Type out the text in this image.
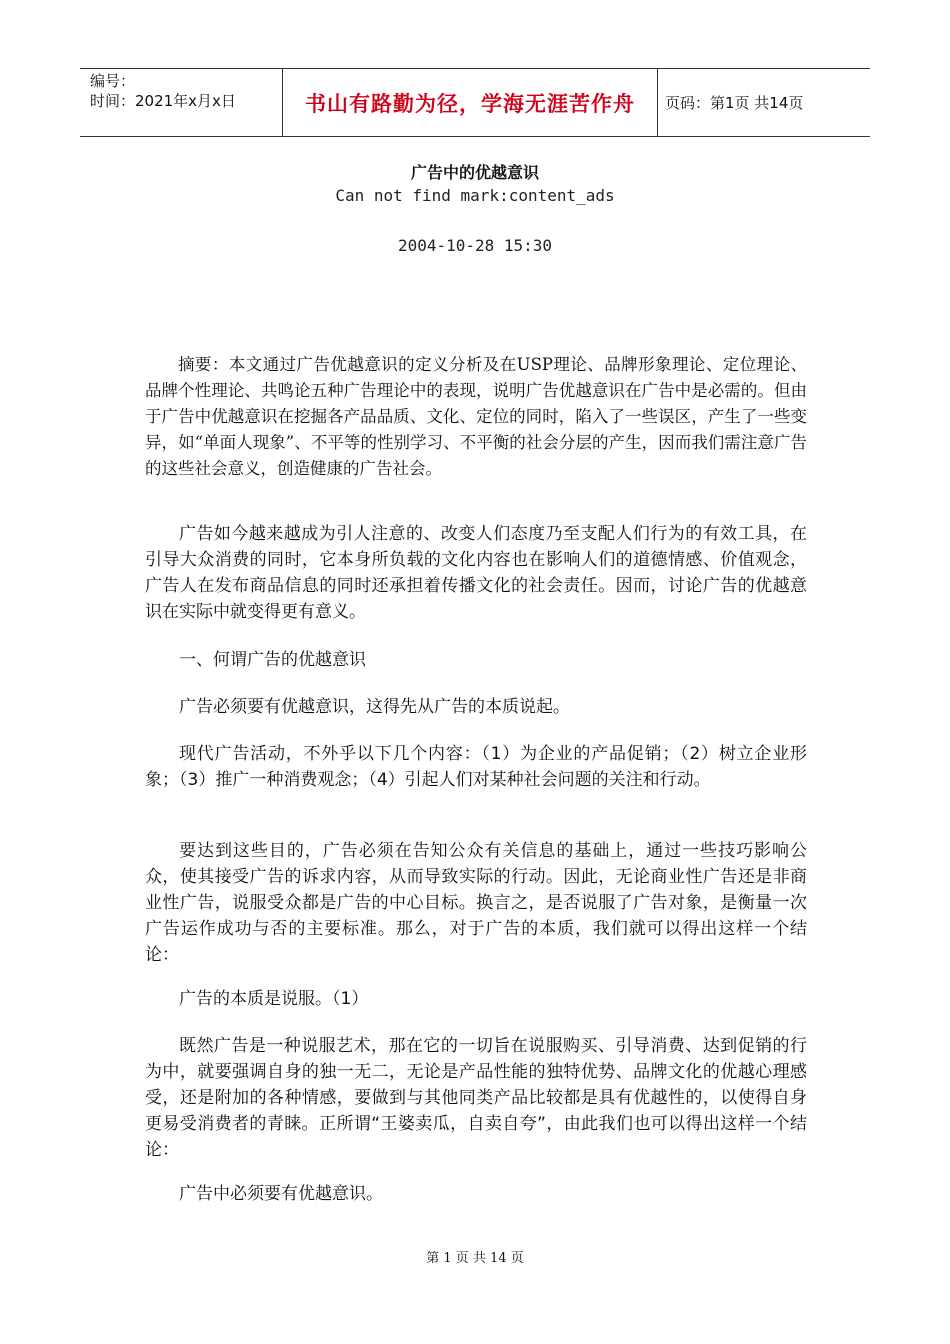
编号：
时间：2021年x月x日	书山有路勤为径，学海无涯苦作舟	页码：第1页 共14页
广告中的优越意识
Can not find mark:content_ads
2004-10-28 15:30
摘要：本文通过广告优越意识的定义分析及在USP理论、品牌形象理论、定位理论、品牌个性理论、共鸣论五种广告理论中的表现，说明广告优越意识在广告中是必需的。但由于广告中优越意识在挖掘各产品品质、文化、定位的同时，陷入了一些误区，产生了一些变异，如“单面人现象”、不平等的性别学习、不平衡的社会分层的产生，因而我们需注意广告的这些社会意义，创造健康的广告社会。
广告如今越来越成为引人注意的、改变人们态度乃至支配人们行为的有效工具，在引导大众消费的同时，它本身所负载的文化内容也在影响人们的道德情感、价值观念，广告人在发布商品信息的同时还承担着传播文化的社会责任。因而，讨论广告的优越意识在实际中就变得更有意义。
一、何谓广告的优越意识
广告必须要有优越意识，这得先从广告的本质说起。
现代广告活动，不外乎以下几个内容：（1）为企业的产品促销；（2）树立企业形象；（3）推广一种消费观念；（4）引起人们对某种社会问题的关注和行动。
要达到这些目的，广告必须在告知公众有关信息的基础上，通过一些技巧影响公众，使其接受广告的诉求内容，从而导致实际的行动。因此，无论商业性广告还是非商业性广告，说服受众都是广告的中心目标。换言之，是否说服了广告对象，是衡量一次广告运作成功与否的主要标准。那么，对于广告的本质，我们就可以得出这样一个结论：
广告的本质是说服。（1）
既然广告是一种说服艺术，那在它的一切旨在说服购买、引导消费、达到促销的行为中，就要强调自身的独一无二，无论是产品性能的独特优势、品牌文化的优越心理感受，还是附加的各种情感，要做到与其他同类产品比较都是具有优越性的，以使得自身更易受消费者的青睐。正所谓“王婆卖瓜，自卖自夸”，由此我们也可以得出这样一个结论：
广告中必须要有优越意识。
第 1 页 共 14 页
